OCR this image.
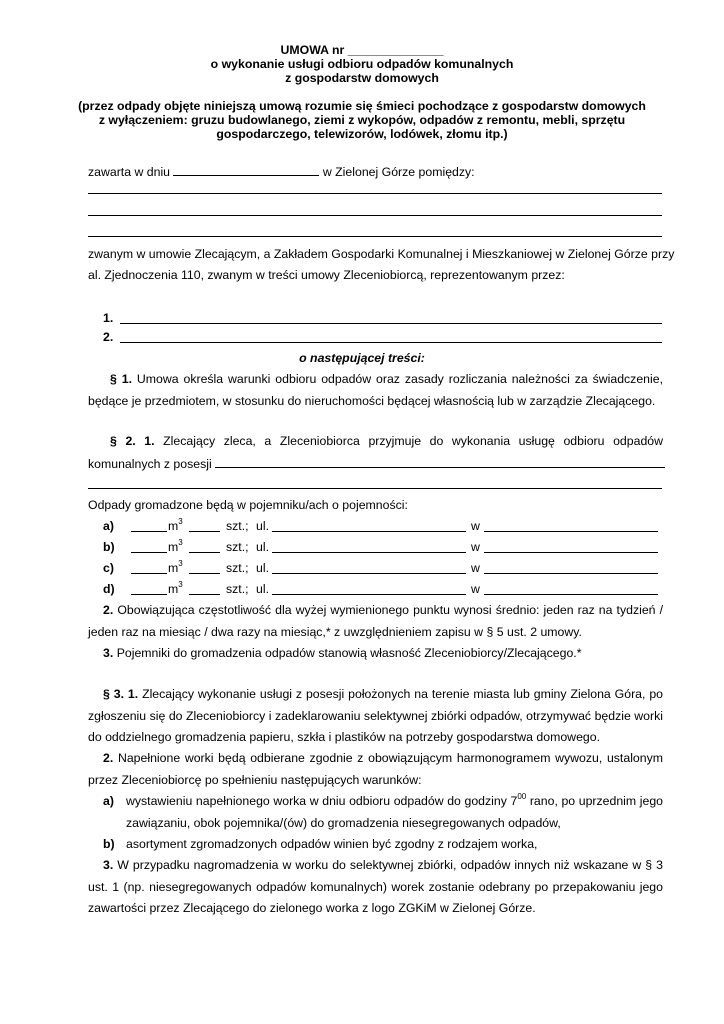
UMOWA nr ______________
o wykonanie usługi odbioru odpadów komunalnych
z gospodarstw domowych
(przez odpady objęte niniejszą umową rozumie się śmieci pochodzące z gospodarstw domowych
z wyłączeniem: gruzu budowlanego, ziemi z wykopów, odpadów z remontu, mebli, sprzętu
gospodarczego, telewizorów, lodówek, złomu itp.)
zawarta w dniu	w Zielonej Górze pomiędzy:
zwanym w umowie Zlecającym, a Zakładem Gospodarki Komunalnej i Mieszkaniowej w Zielonej Górze przy
al. Zjednoczenia 110, zwanym w treści umowy Zleceniobiorcą, reprezentowanym przez:
1.
2.
o następującej treści:
§ 1. Umowa określa warunki odbioru odpadów oraz zasady rozliczania należności za świadczenie,
będące je przedmiotem, w stosunku do nieruchomości będącej własnością lub w zarządzie Zlecającego.
§ 2. 1. Zlecający zleca, a Zleceniobiorca przyjmuje do wykonania usługę odbioru odpadów
komunalnych z posesji
Odpady gromadzone będą w pojemniku/ach o pojemności:
a)	$m^3$	szt.; ul.	w
b)	$m^3$	szt.; ul.	w
c)	$m^3$	szt.; ul.	w
d)	$m^3$	szt.; ul.	w
2. Obowiązująca częstotliwość dla wyżej wymienionego punktu wynosi średnio: jeden raz na tydzień /
jeden raz na miesiąc / dwa razy na miesiąc,* z uwzględnieniem zapisu w § 5 ust. 2 umowy.
3. Pojemniki do gromadzenia odpadów stanowią własność Zleceniobiorcy/Zlecającego.*
§ 3. 1. Zlecający wykonanie usługi z posesji położonych na terenie miasta lub gminy Zielona Góra, po
zgłoszeniu się do Zleceniobiorcy i zadeklarowaniu selektywnej zbiórki odpadów, otrzymywać będzie worki
do oddzielnego gromadzenia papieru, szkła i plastików na potrzeby gospodarstwa domowego.
2. Napełnione worki będą odbierane zgodnie z obowiązującym harmonogramem wywozu, ustalonym
przez Zleceniobiorcę po spełnieniu następujących warunków:
a) wystawieniu napełnionego worka w dniu odbioru odpadów do godziny $7^{00}$ rano, po uprzednim jego
zawiązaniu, obok pojemnika/(ów) do gromadzenia niesegregowanych odpadów,
b) asortyment zgromadzonych odpadów winien być zgodny z rodzajem worka,
3. W przypadku nagromadzenia w worku do selektywnej zbiórki, odpadów innych niż wskazane w § 3
ust. 1 (np. niesegregowanych odpadów komunalnych) worek zostanie odebrany po przepakowaniu jego
zawartości przez Zlecającego do zielonego worka z logo ZGKiM w Zielonej Górze.
